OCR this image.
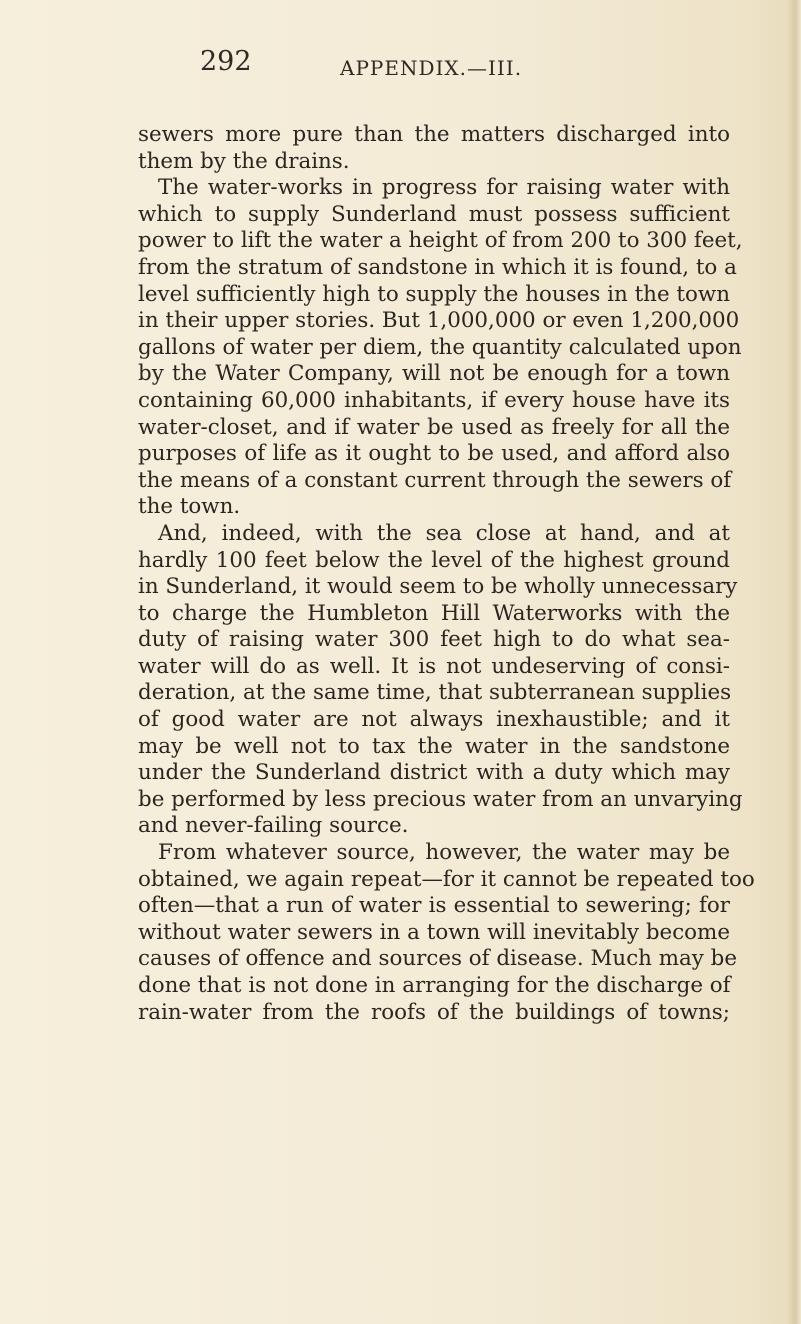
292	APPENDIX.—III.
sewers more pure than the matters discharged into
them by the drains.
The water-works in progress for raising water with
which to supply Sunderland must possess sufficient
power to lift the water a height of from 200 to 300 feet,
from the stratum of sandstone in which it is found, to a
level sufficiently high to supply the houses in the town
in their upper stories. But 1,000,000 or even 1,200,000
gallons of water per diem, the quantity calculated upon
by the Water Company, will not be enough for a town
containing 60,000 inhabitants, if every house have its
water-closet, and if water be used as freely for all the
purposes of life as it ought to be used, and afford also
the means of a constant current through the sewers of
the town.
And, indeed, with the sea close at hand, and at
hardly 100 feet below the level of the highest ground
in Sunderland, it would seem to be wholly unnecessary
to charge the Humbleton Hill Waterworks with the
duty of raising water 300 feet high to do what sea-
water will do as well. It is not undeserving of consi-
deration, at the same time, that subterranean supplies
of good water are not always inexhaustible; and it
may be well not to tax the water in the sandstone
under the Sunderland district with a duty which may
be performed by less precious water from an unvarying
and never-failing source.
From whatever source, however, the water may be
obtained, we again repeat—for it cannot be repeated too
often—that a run of water is essential to sewering; for
without water sewers in a town will inevitably become
causes of offence and sources of disease. Much may be
done that is not done in arranging for the discharge of
rain-water from the roofs of the buildings of towns;
